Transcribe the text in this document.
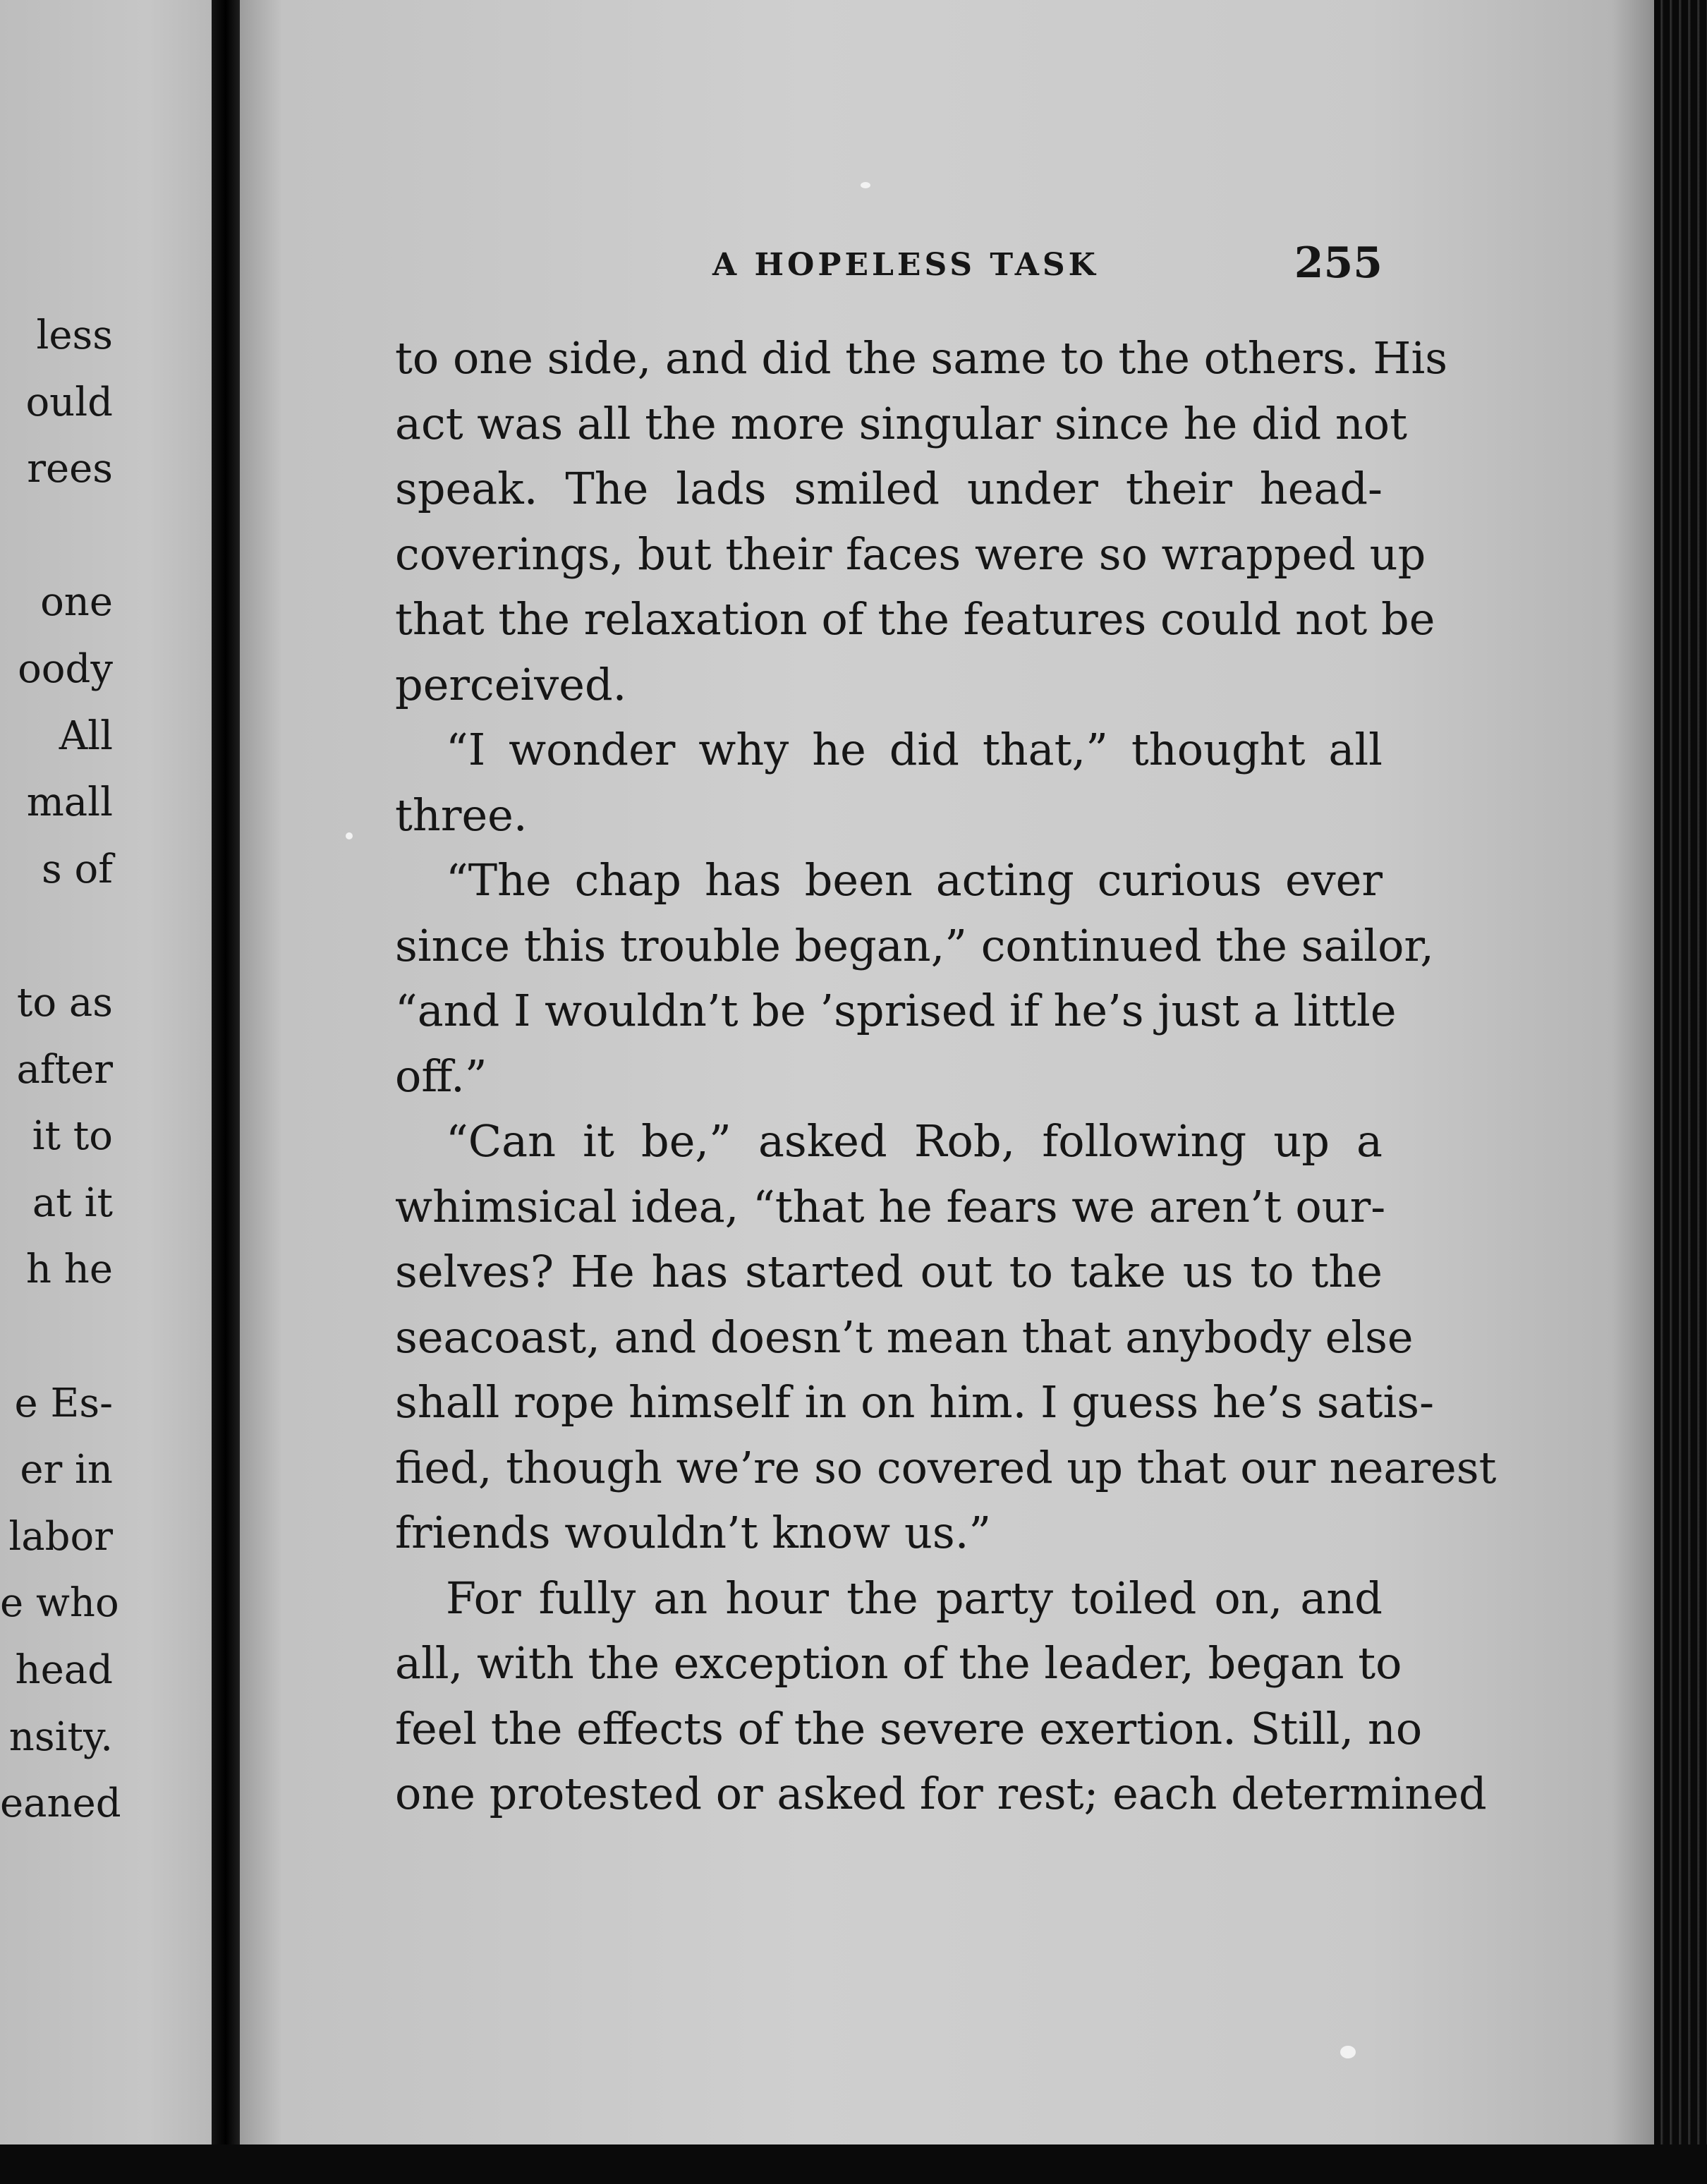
less
ould
rees
one
oody
All
mall
s of
to as
after
it to
at it
h he
e Es-
er in
labor
e who
head
nsity.
eaned
A HOPELESS TASK	255
to one side, and did the same to the others. His
act was all the more singular since he did not
speak. The lads smiled under their head-
coverings, but their faces were so wrapped up
that the relaxation of the features could not be
perceived.
“I wonder why he did that,” thought all
three.
“The chap has been acting curious ever
since this trouble began,” continued the sailor,
“and I wouldn’t be ’sprised if he’s just a little
off.”
“Can it be,” asked Rob, following up a
whimsical idea, “that he fears we aren’t our-
selves? He has started out to take us to the
seacoast, and doesn’t mean that anybody else
shall rope himself in on him. I guess he’s satis-
fied, though we’re so covered up that our nearest
friends wouldn’t know us.”
For fully an hour the party toiled on, and
all, with the exception of the leader, began to
feel the effects of the severe exertion. Still, no
one protested or asked for rest; each determined
